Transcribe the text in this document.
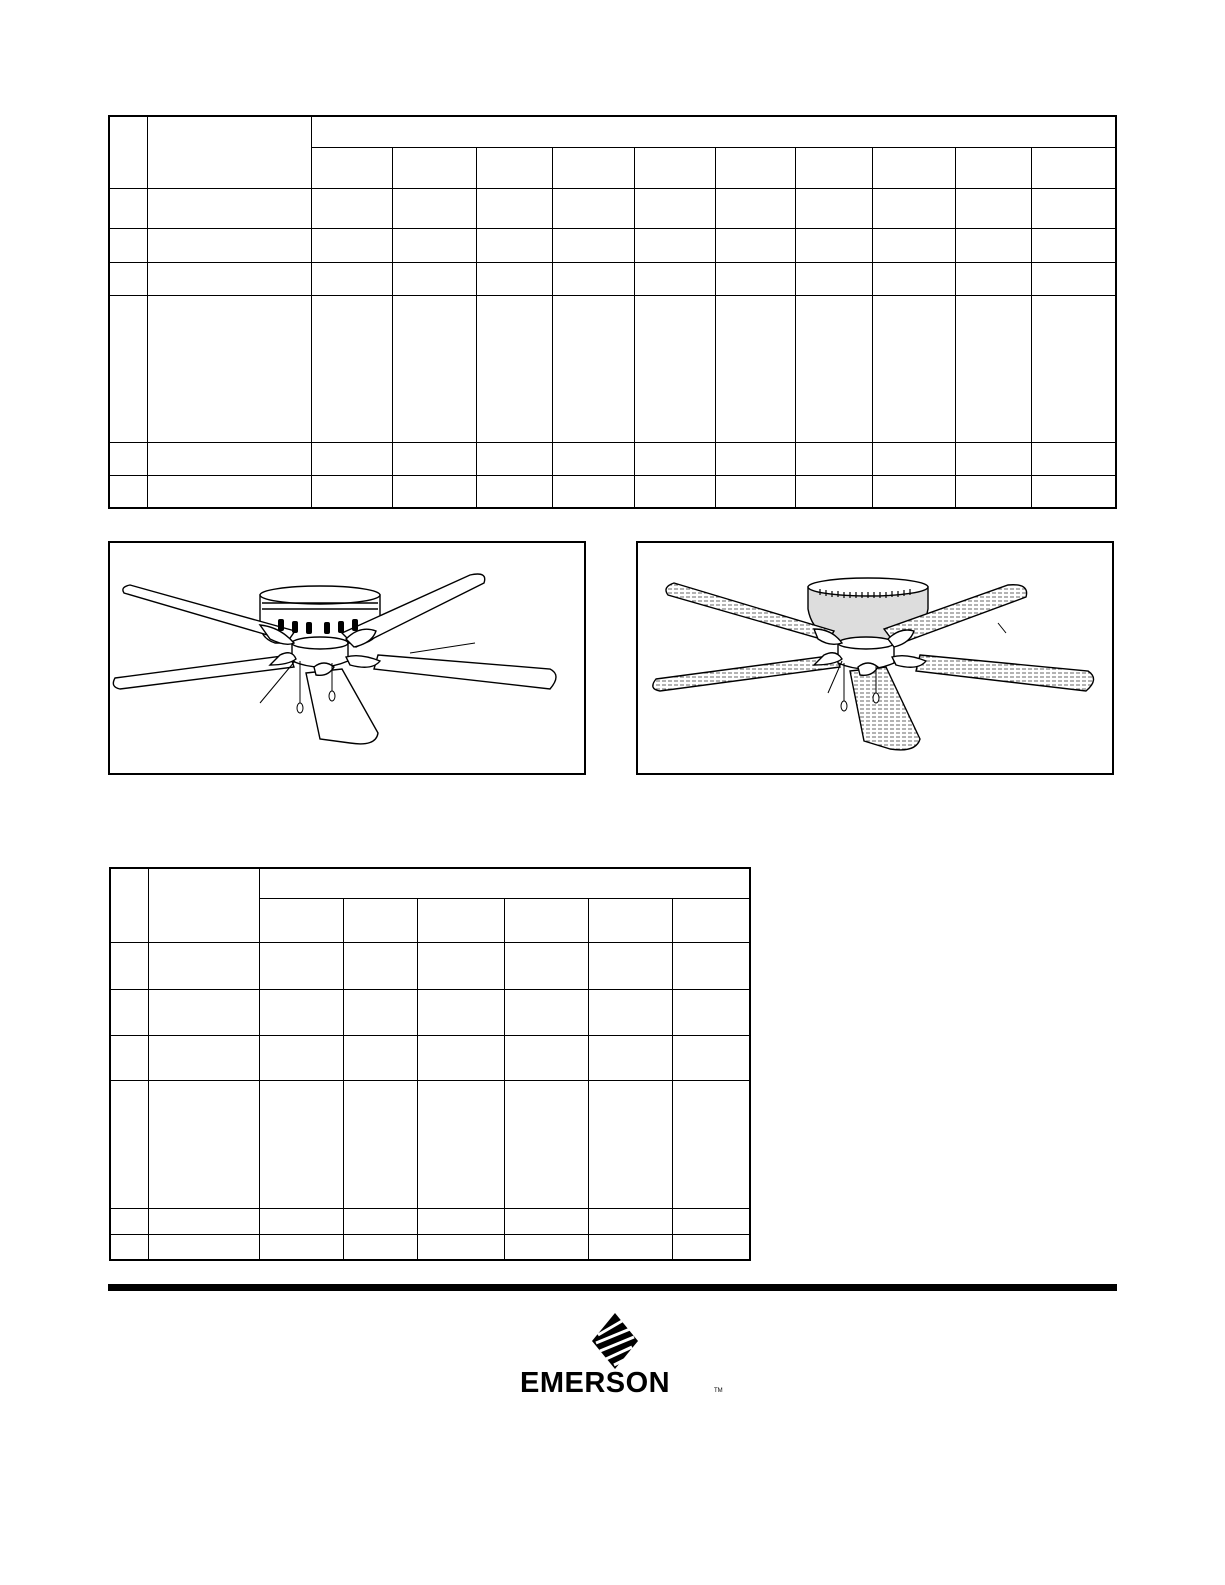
EMERSON	TM
